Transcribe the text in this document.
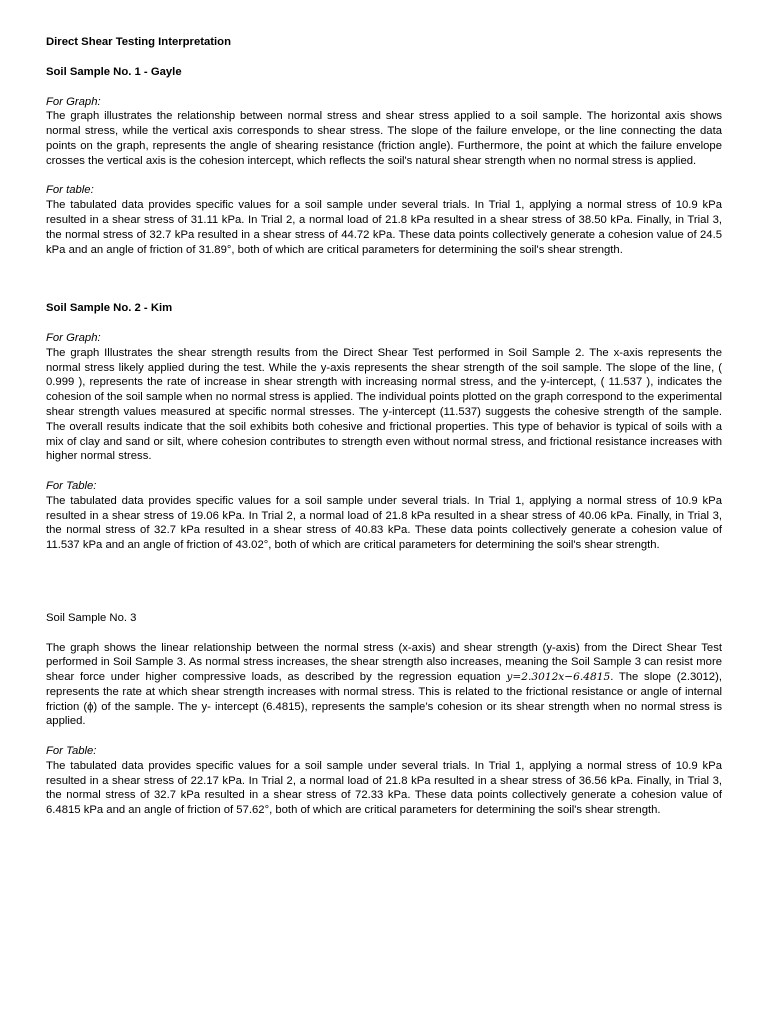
Direct Shear Testing Interpretation

Soil Sample No. 1 - Gayle

For Graph:

The graph illustrates the relationship between normal stress and shear stress applied to a soil sample. The horizontal axis shows normal stress, while the vertical axis corresponds to shear stress. The slope of the failure envelope, or the line connecting the data points on the graph, represents the angle of shearing resistance (friction angle). Furthermore, the point at which the failure envelope crosses the vertical axis is the cohesion intercept, which reflects the soil's natural shear strength when no normal stress is applied.

For table:

The tabulated data provides specific values for a soil sample under several trials. In Trial 1, applying a normal stress of 10.9 kPa resulted in a shear stress of 31.11 kPa. In Trial 2, a normal load of 21.8 kPa resulted in a shear stress of 38.50 kPa. Finally, in Trial 3, the normal stress of 32.7 kPa resulted in a shear stress of 44.72 kPa. These data points collectively generate a cohesion value of 24.5 kPa and an angle of friction of 31.89°, both of which are critical parameters for determining the soil's shear strength.

Soil Sample No. 2 - Kim

For Graph:

The graph Illustrates the shear strength results from the Direct Shear Test performed in Soil Sample 2. The x-axis represents the normal stress likely applied during the test. While the y-axis represents the shear strength of the soil sample. The slope of the line, ( 0.999 ), represents the rate of increase in shear strength with increasing normal stress, and the y-intercept, ( 11.537 ), indicates the cohesion of the soil sample when no normal stress is applied. The individual points plotted on the graph correspond to the experimental shear strength values measured at specific normal stresses. The y-intercept (11.537) suggests the cohesive strength of the sample. The overall results indicate that the soil exhibits both cohesive and frictional properties. This type of behavior is typical of soils with a mix of clay and sand or silt, where cohesion contributes to strength even without normal stress, and frictional resistance increases with higher normal stress.

For Table:

The tabulated data provides specific values for a soil sample under several trials. In Trial 1, applying a normal stress of 10.9 kPa resulted in a shear stress of 19.06 kPa. In Trial 2, a normal load of 21.8 kPa resulted in a shear stress of 40.06 kPa. Finally, in Trial 3, the normal stress of 32.7 kPa resulted in a shear stress of 40.83 kPa. These data points collectively generate a cohesion value of 11.537 kPa and an angle of friction of 43.02°, both of which are critical parameters for determining the soil's shear strength.

Soil Sample No. 3

The graph shows the linear relationship between the normal stress (x-axis) and shear strength (y-axis) from the Direct Shear Test performed in Soil Sample 3. As normal stress increases, the shear strength also increases, meaning the Soil Sample 3 can resist more shear force under higher compressive loads, as described by the regression equation y=2.3012x−6.4815. The slope (2.3012), represents the rate at which shear strength increases with normal stress. This is related to the frictional resistance or angle of internal friction (ϕ) of the sample. The y- intercept (6.4815), represents the sample’s cohesion or its shear strength when no normal stress is applied.

For Table:

The tabulated data provides specific values for a soil sample under several trials. In Trial 1, applying a normal stress of 10.9 kPa resulted in a shear stress of 22.17 kPa. In Trial 2, a normal load of 21.8 kPa resulted in a shear stress of 36.56 kPa. Finally, in Trial 3, the normal stress of 32.7 kPa resulted in a shear stress of 72.33 kPa. These data points collectively generate a cohesion value of 6.4815 kPa and an angle of friction of 57.62°, both of which are critical parameters for determining the soil's shear strength.
